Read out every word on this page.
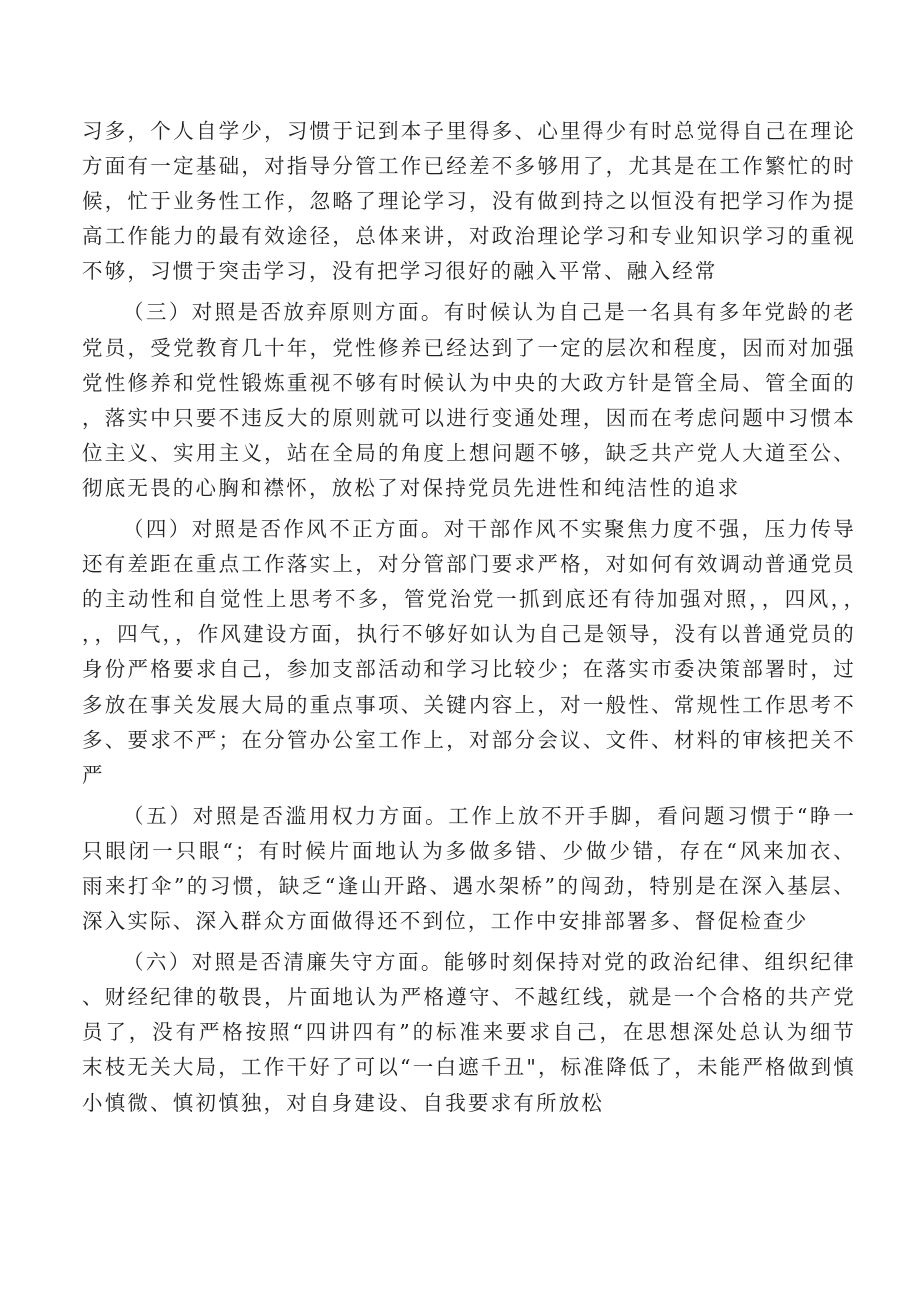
习多，个人自学少，习惯于记到本子里得多、心里得少有时总觉得自己在理论方面有一定基础，对指导分管工作已经差不多够用了，尤其是在工作繁忙的时候，忙于业务性工作，忽略了理论学习，没有做到持之以恒没有把学习作为提高工作能力的最有效途径，总体来讲，对政治理论学习和专业知识学习的重视不够，习惯于突击学习，没有把学习很好的融入平常、融入经常

（三）对照是否放弃原则方面。有时候认为自己是一名具有多年党龄的老党员，受党教育几十年，党性修养已经达到了一定的层次和程度，因而对加强党性修养和党性锻炼重视不够有时候认为中央的大政方针是管全局、管全面的，落实中只要不违反大的原则就可以进行变通处理，因而在考虑问题中习惯本位主义、实用主义，站在全局的角度上想问题不够，缺乏共产党人大道至公、彻底无畏的心胸和襟怀，放松了对保持党员先进性和纯洁性的追求

（四）对照是否作风不正方面。对干部作风不实聚焦力度不强，压力传导还有差距在重点工作落实上，对分管部门要求严格，对如何有效调动普通党员的主动性和自觉性上思考不多，管党治党一抓到底还有待加强对照，，四风，，，，四气，，作风建设方面，执行不够好如认为自己是领导，没有以普通党员的身份严格要求自己，参加支部活动和学习比较少；在落实市委决策部署时，过多放在事关发展大局的重点事项、关键内容上，对一般性、常规性工作思考不多、要求不严；在分管办公室工作上，对部分会议、文件、材料的审核把关不严

（五）对照是否滥用权力方面。工作上放不开手脚，看问题习惯于“睁一只眼闭一只眼“；有时候片面地认为多做多错、少做少错，存在“风来加衣、雨来打伞”的习惯，缺乏“逢山开路、遇水架桥”的闯劲，特别是在深入基层、深入实际、深入群众方面做得还不到位，工作中安排部署多、督促检查少

（六）对照是否清廉失守方面。能够时刻保持对党的政治纪律、组织纪律、财经纪律的敬畏，片面地认为严格遵守、不越红线，就是一个合格的共产党员了，没有严格按照“四讲四有”的标准来要求自己，在思想深处总认为细节末枝无关大局，工作干好了可以“一白遮千丑"，标准降低了，未能严格做到慎小慎微、慎初慎独，对自身建设、自我要求有所放松
